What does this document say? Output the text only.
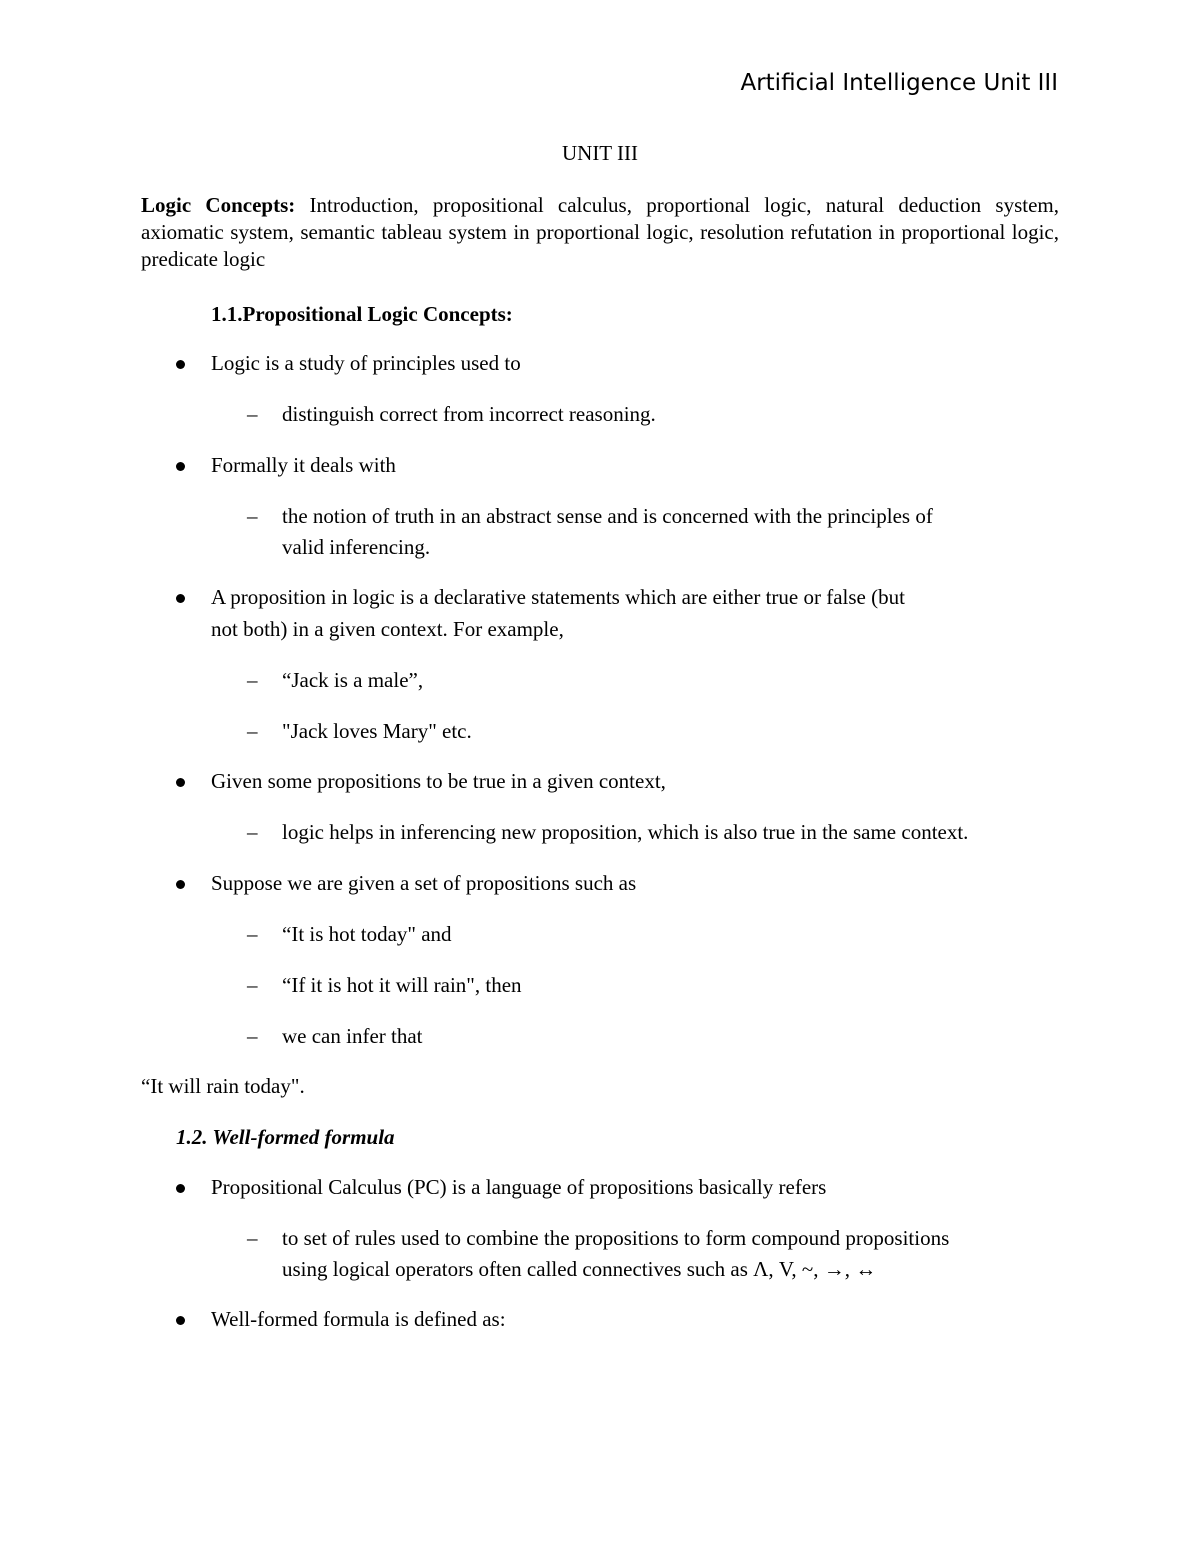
Artificial Intelligence Unit III
UNIT III
Logic Concepts: Introduction, propositional calculus, proportional logic, natural deduction system, axiomatic system, semantic tableau system in proportional logic, resolution refutation in proportional logic, predicate logic
1.1.Propositional Logic Concepts:
Logic is a study of principles used to
– distinguish correct from incorrect reasoning.
Formally it deals with
– the notion of truth in an abstract sense and is concerned with the principles of
valid inferencing.
A proposition in logic is a declarative statements which are either true or false (but
not both) in a given context. For example,
– “Jack is a male”,
– "Jack loves Mary" etc.
Given some propositions to be true in a given context,
– logic helps in inferencing new proposition, which is also true in the same context.
Suppose we are given a set of propositions such as
– “It is hot today" and
– “If it is hot it will rain", then
– we can infer that
“It will rain today".
1.2. Well-formed formula
Propositional Calculus (PC) is a language of propositions basically refers
– to set of rules used to combine the propositions to form compound propositions
using logical operators often called connectives such as Λ, V, ~, →, ↔
Well-formed formula is defined as:
